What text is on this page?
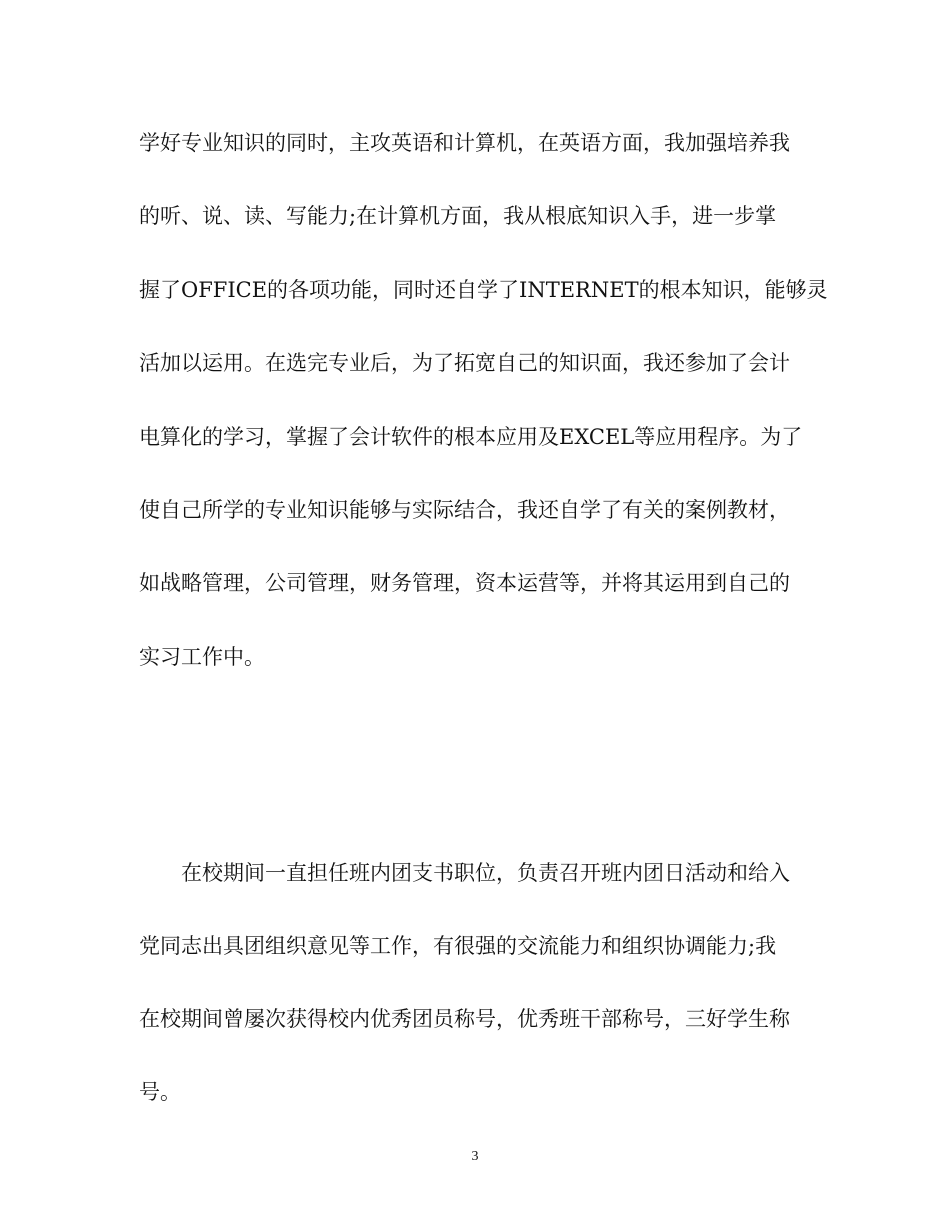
学好专业知识的同时，主攻英语和计算机，在英语方面，我加强培养我
的听、说、读、写能力;在计算机方面，我从根底知识入手，进一步掌
握了OFFICE的各项功能，同时还自学了INTERNET的根本知识，能够灵
活加以运用。在选完专业后，为了拓宽自己的知识面，我还参加了会计
电算化的学习，掌握了会计软件的根本应用及EXCEL等应用程序。为了
使自己所学的专业知识能够与实际结合，我还自学了有关的案例教材，
如战略管理，公司管理，财务管理，资本运营等，并将其运用到自己的
实习工作中。
在校期间一直担任班内团支书职位，负责召开班内团日活动和给入
党同志出具团组织意见等工作，有很强的交流能力和组织协调能力;我
在校期间曾屡次获得校内优秀团员称号，优秀班干部称号，三好学生称
号。
3
